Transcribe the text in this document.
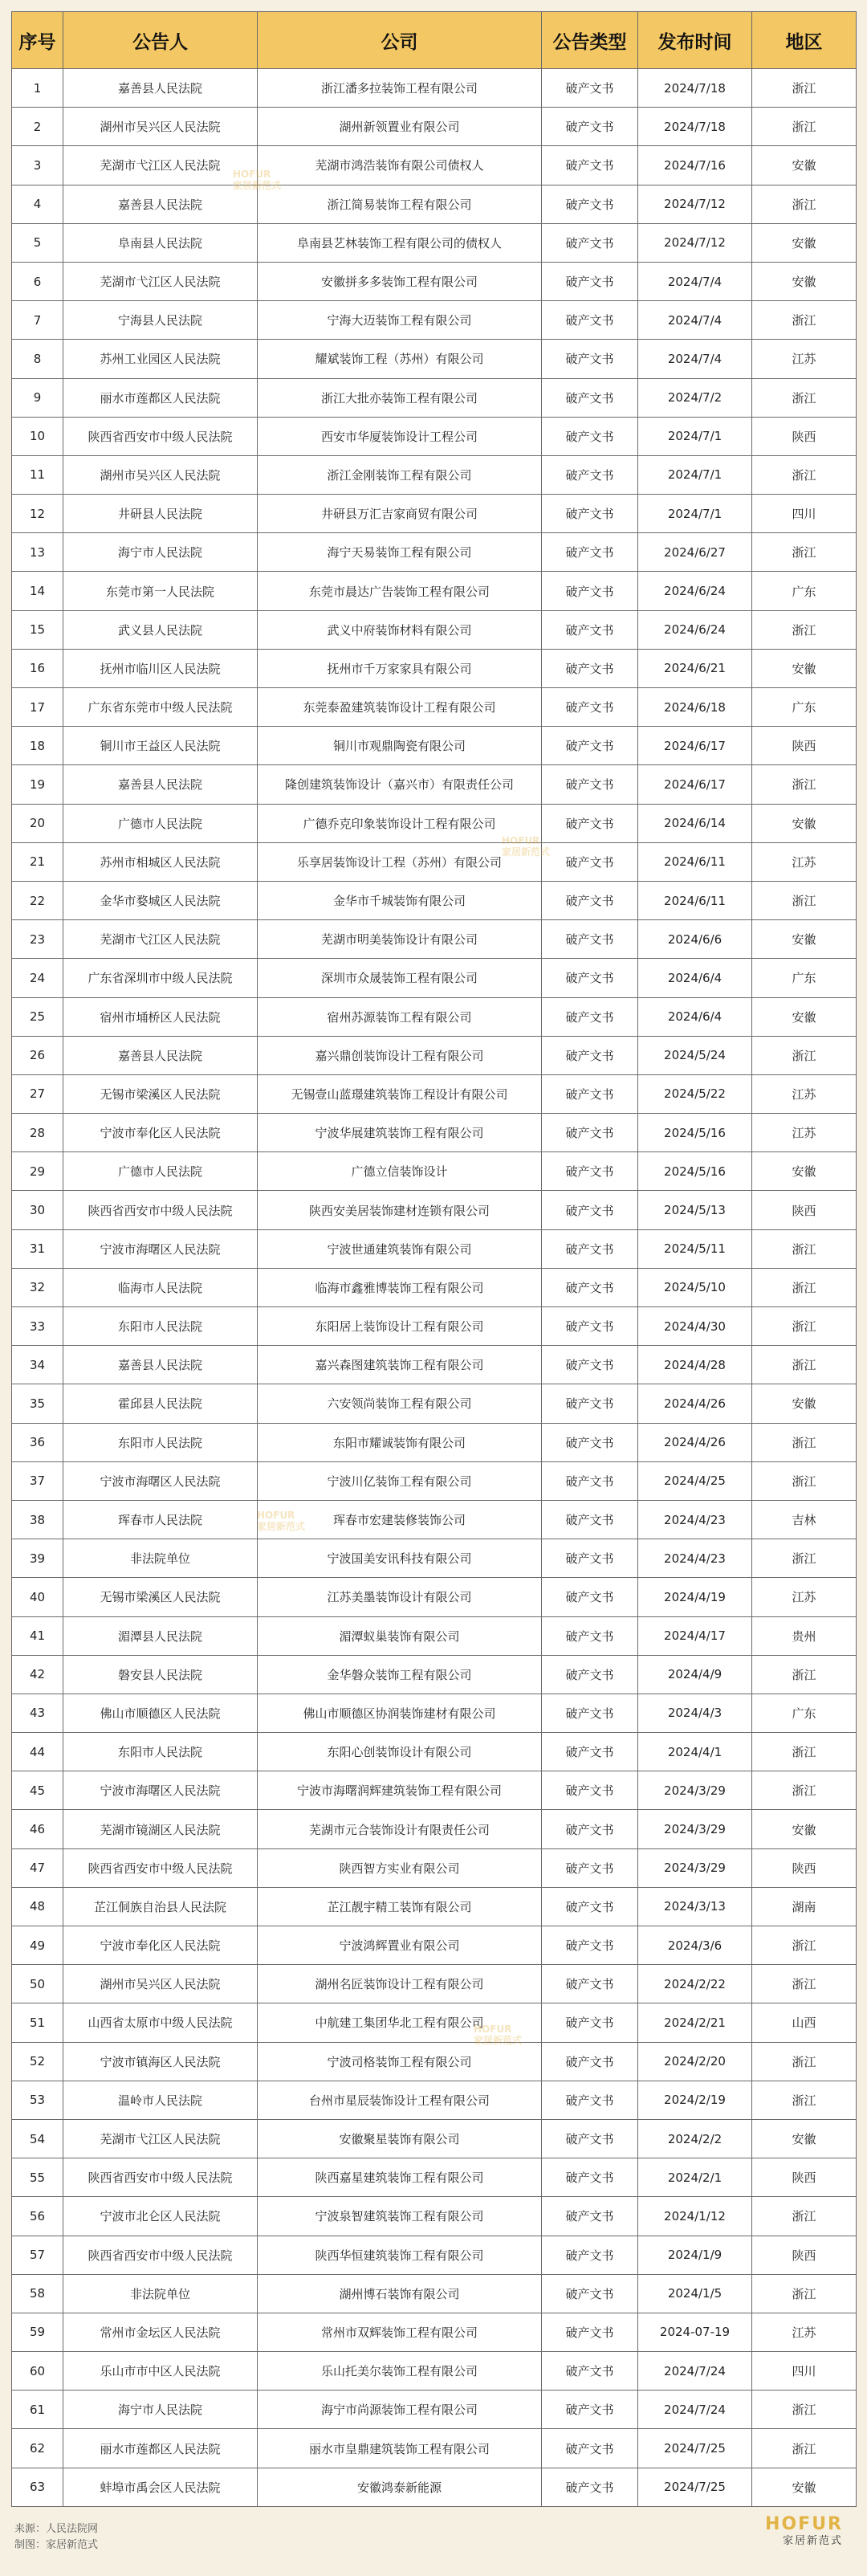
序号	公告人	公司	公告类型	发布时间	地区
1	嘉善县人民法院	浙江潘多拉装饰工程有限公司	破产文书	2024/7/18	浙江
2	湖州市吴兴区人民法院	湖州新领置业有限公司	破产文书	2024/7/18	浙江
3	芜湖市弋江区人民法院	芜湖市鸿浩装饰有限公司债权人	破产文书	2024/7/16	安徽
4	嘉善县人民法院	浙江简易装饰工程有限公司	破产文书	2024/7/12	浙江
5	阜南县人民法院	阜南县艺林装饰工程有限公司的债权人	破产文书	2024/7/12	安徽
6	芜湖市弋江区人民法院	安徽拼多多装饰工程有限公司	破产文书	2024/7/4	安徽
7	宁海县人民法院	宁海大迈装饰工程有限公司	破产文书	2024/7/4	浙江
8	苏州工业园区人民法院	耀斌装饰工程（苏州）有限公司	破产文书	2024/7/4	江苏
9	丽水市莲都区人民法院	浙江大批亦装饰工程有限公司	破产文书	2024/7/2	浙江
10	陕西省西安市中级人民法院	西安市华厦装饰设计工程公司	破产文书	2024/7/1	陕西
11	湖州市吴兴区人民法院	浙江金刚装饰工程有限公司	破产文书	2024/7/1	浙江
12	井研县人民法院	井研县万汇吉家商贸有限公司	破产文书	2024/7/1	四川
13	海宁市人民法院	海宁天易装饰工程有限公司	破产文书	2024/6/27	浙江
14	东莞市第一人民法院	东莞市晨达广告装饰工程有限公司	破产文书	2024/6/24	广东
15	武义县人民法院	武义中府装饰材料有限公司	破产文书	2024/6/24	浙江
16	抚州市临川区人民法院	抚州市千万家家具有限公司	破产文书	2024/6/21	安徽
17	广东省东莞市中级人民法院	东莞泰盈建筑装饰设计工程有限公司	破产文书	2024/6/18	广东
18	铜川市王益区人民法院	铜川市观鼎陶瓷有限公司	破产文书	2024/6/17	陕西
19	嘉善县人民法院	隆创建筑装饰设计（嘉兴市）有限责任公司	破产文书	2024/6/17	浙江
20	广德市人民法院	广德乔克印象装饰设计工程有限公司	破产文书	2024/6/14	安徽
21	苏州市相城区人民法院	乐享居装饰设计工程（苏州）有限公司	破产文书	2024/6/11	江苏
22	金华市婺城区人民法院	金华市千城装饰有限公司	破产文书	2024/6/11	浙江
23	芜湖市弋江区人民法院	芜湖市明美装饰设计有限公司	破产文书	2024/6/6	安徽
24	广东省深圳市中级人民法院	深圳市众晟装饰工程有限公司	破产文书	2024/6/4	广东
25	宿州市埇桥区人民法院	宿州苏源装饰工程有限公司	破产文书	2024/6/4	安徽
26	嘉善县人民法院	嘉兴鼎创装饰设计工程有限公司	破产文书	2024/5/24	浙江
27	无锡市梁溪区人民法院	无锡壹山蓝璟建筑装饰工程设计有限公司	破产文书	2024/5/22	江苏
28	宁波市奉化区人民法院	宁波华展建筑装饰工程有限公司	破产文书	2024/5/16	江苏
29	广德市人民法院	广德立信装饰设计	破产文书	2024/5/16	安徽
30	陕西省西安市中级人民法院	陕西安美居装饰建材连锁有限公司	破产文书	2024/5/13	陕西
31	宁波市海曙区人民法院	宁波世通建筑装饰有限公司	破产文书	2024/5/11	浙江
32	临海市人民法院	临海市鑫雅博装饰工程有限公司	破产文书	2024/5/10	浙江
33	东阳市人民法院	东阳居上装饰设计工程有限公司	破产文书	2024/4/30	浙江
34	嘉善县人民法院	嘉兴森图建筑装饰工程有限公司	破产文书	2024/4/28	浙江
35	霍邱县人民法院	六安领尚装饰工程有限公司	破产文书	2024/4/26	安徽
36	东阳市人民法院	东阳市耀诚装饰有限公司	破产文书	2024/4/26	浙江
37	宁波市海曙区人民法院	宁波川亿装饰工程有限公司	破产文书	2024/4/25	浙江
38	珲春市人民法院	珲春市宏建装修装饰公司	破产文书	2024/4/23	吉林
39	非法院单位	宁波国美安讯科技有限公司	破产文书	2024/4/23	浙江
40	无锡市梁溪区人民法院	江苏美墨装饰设计有限公司	破产文书	2024/4/19	江苏
41	湄潭县人民法院	湄潭蚁巢装饰有限公司	破产文书	2024/4/17	贵州
42	磐安县人民法院	金华磐众装饰工程有限公司	破产文书	2024/4/9	浙江
43	佛山市顺德区人民法院	佛山市顺德区协润装饰建材有限公司	破产文书	2024/4/3	广东
44	东阳市人民法院	东阳心创装饰设计有限公司	破产文书	2024/4/1	浙江
45	宁波市海曙区人民法院	宁波市海曙润辉建筑装饰工程有限公司	破产文书	2024/3/29	浙江
46	芜湖市镜湖区人民法院	芜湖市元合装饰设计有限责任公司	破产文书	2024/3/29	安徽
47	陕西省西安市中级人民法院	陕西智方实业有限公司	破产文书	2024/3/29	陕西
48	芷江侗族自治县人民法院	芷江靓宇精工装饰有限公司	破产文书	2024/3/13	湖南
49	宁波市奉化区人民法院	宁波鸿辉置业有限公司	破产文书	2024/3/6	浙江
50	湖州市吴兴区人民法院	湖州名匠装饰设计工程有限公司	破产文书	2024/2/22	浙江
51	山西省太原市中级人民法院	中航建工集团华北工程有限公司	破产文书	2024/2/21	山西
52	宁波市镇海区人民法院	宁波司格装饰工程有限公司	破产文书	2024/2/20	浙江
53	温岭市人民法院	台州市星辰装饰设计工程有限公司	破产文书	2024/2/19	浙江
54	芜湖市弋江区人民法院	安徽聚星装饰有限公司	破产文书	2024/2/2	安徽
55	陕西省西安市中级人民法院	陕西嘉星建筑装饰工程有限公司	破产文书	2024/2/1	陕西
56	宁波市北仑区人民法院	宁波泉智建筑装饰工程有限公司	破产文书	2024/1/12	浙江
57	陕西省西安市中级人民法院	陕西华恒建筑装饰工程有限公司	破产文书	2024/1/9	陕西
58	非法院单位	湖州博石装饰有限公司	破产文书	2024/1/5	浙江
59	常州市金坛区人民法院	常州市双辉装饰工程有限公司	破产文书	2024-07-19	江苏
60	乐山市市中区人民法院	乐山托美尔装饰工程有限公司	破产文书	2024/7/24	四川
61	海宁市人民法院	海宁市尚源装饰工程有限公司	破产文书	2024/7/24	浙江
62	丽水市莲都区人民法院	丽水市皇鼎建筑装饰工程有限公司	破产文书	2024/7/25	浙江
63	蚌埠市禹会区人民法院	安徽鸿泰新能源	破产文书	2024/7/25	安徽
HOFUR
家居新范式
HOFUR
家居新范式
HOFUR
家居新范式
HOFUR
家居新范式
来源：人民法院网
制图：家居新范式
HOFUR
家居新范式
